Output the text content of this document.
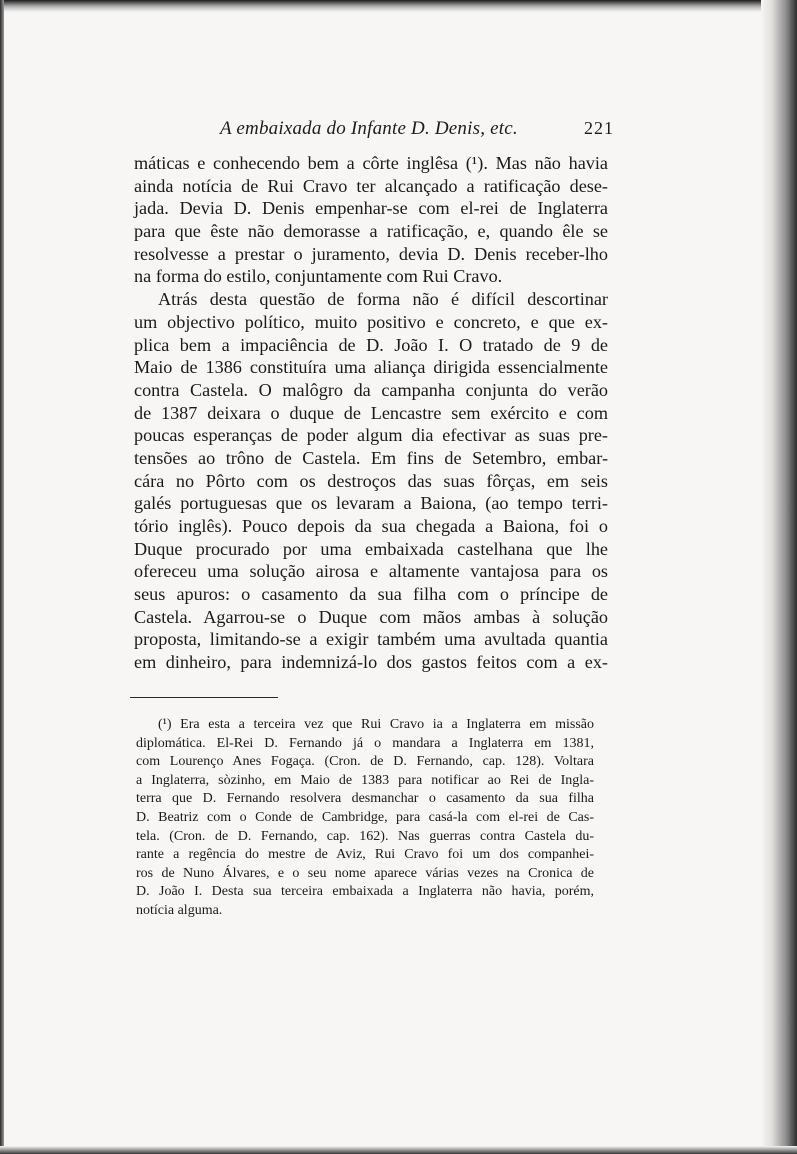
A embaixada do Infante D. Denis, etc.	221
máticas e conhecendo bem a côrte inglêsa (¹). Mas não havia
ainda notícia de Rui Cravo ter alcançado a ratificação dese-
jada. Devia D. Denis empenhar-se com el-rei de Inglaterra
para que êste não demorasse a ratificação, e, quando êle se
resolvesse a prestar o juramento, devia D. Denis receber-lho
na forma do estilo, conjuntamente com Rui Cravo.
Atrás desta questão de forma não é difícil descortinar
um objectivo político, muito positivo e concreto, e que ex-
plica bem a impaciência de D. João I. O tratado de 9 de
Maio de 1386 constituíra uma aliança dirigida essencialmente
contra Castela. O malôgro da campanha conjunta do verão
de 1387 deixara o duque de Lencastre sem exército e com
poucas esperanças de poder algum dia efectivar as suas pre-
tensões ao trôno de Castela. Em fins de Setembro, embar-
cára no Pôrto com os destroços das suas fôrças, em seis
galés portuguesas que os levaram a Baiona, (ao tempo terri-
tório inglês). Pouco depois da sua chegada a Baiona, foi o
Duque procurado por uma embaixada castelhana que lhe
ofereceu uma solução airosa e altamente vantajosa para os
seus apuros: o casamento da sua filha com o príncipe de
Castela. Agarrou-se o Duque com mãos ambas à solução
proposta, limitando-se a exigir também uma avultada quantia
em dinheiro, para indemnizá-lo dos gastos feitos com a ex-
(¹) Era esta a terceira vez que Rui Cravo ia a Inglaterra em missão
diplomática. El-Rei D. Fernando já o mandara a Inglaterra em 1381,
com Lourenço Anes Fogaça. (Cron. de D. Fernando, cap. 128). Voltara
a Inglaterra, sòzinho, em Maio de 1383 para notificar ao Rei de Ingla-
terra que D. Fernando resolvera desmanchar o casamento da sua filha
D. Beatriz com o Conde de Cambridge, para casá-la com el-rei de Cas-
tela. (Cron. de D. Fernando, cap. 162). Nas guerras contra Castela du-
rante a regência do mestre de Aviz, Rui Cravo foi um dos companhei-
ros de Nuno Álvares, e o seu nome aparece várias vezes na Cronica de
D. João I. Desta sua terceira embaixada a Inglaterra não havia, porém,
notícia alguma.
